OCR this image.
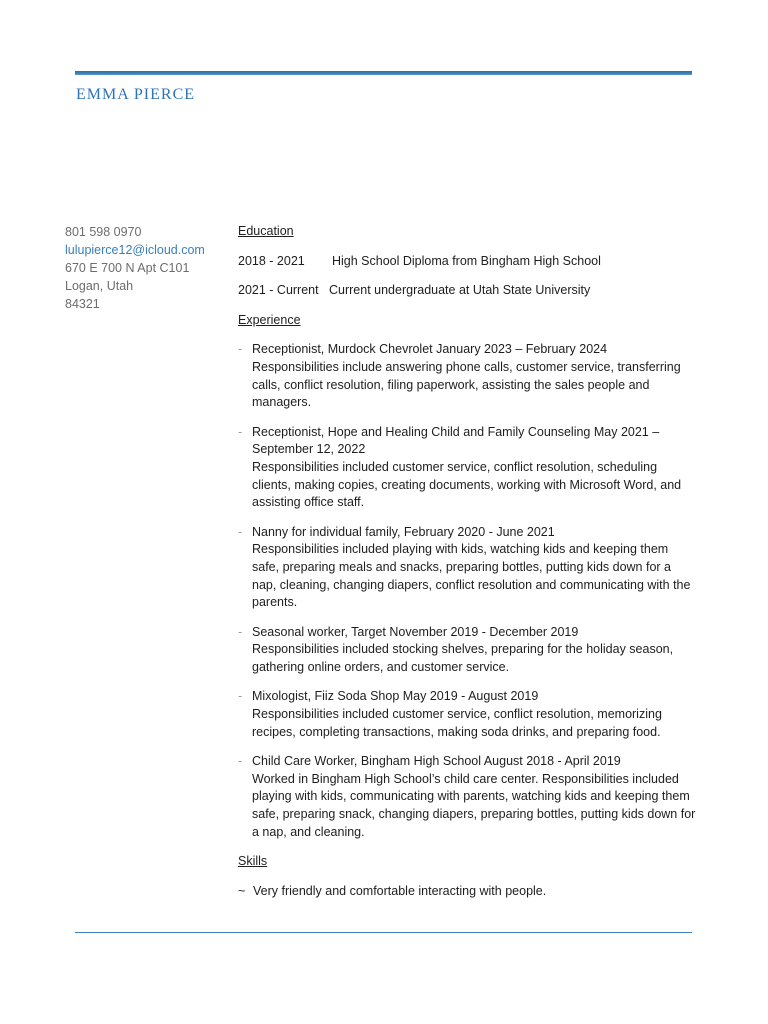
EMMA PIERCE
801 598 0970
lulupierce12@icloud.com
670 E 700 N Apt C101
Logan, Utah
84321
Education
2018 - 2021	High School Diploma from Bingham High School
2021 - Current Current undergraduate at Utah State University
Experience
- Receptionist, Murdock Chevrolet January 2023 – February 2024
Responsibilities include answering phone calls, customer service, transferring calls, conflict resolution, filing paperwork, assisting the sales people and managers.
- Receptionist, Hope and Healing Child and Family Counseling May 2021 – September 12, 2022
Responsibilities included customer service, conflict resolution, scheduling clients, making copies, creating documents, working with Microsoft Word, and assisting office staff.
- Nanny for individual family, February 2020 - June 2021
Responsibilities included playing with kids, watching kids and keeping them safe, preparing meals and snacks, preparing bottles, putting kids down for a nap, cleaning, changing diapers, conflict resolution and communicating with the parents.
- Seasonal worker, Target November 2019 - December 2019
Responsibilities included stocking shelves, preparing for the holiday season, gathering online orders, and customer service.
- Mixologist, Fiiz Soda Shop May 2019 - August 2019
Responsibilities included customer service, conflict resolution, memorizing recipes, completing transactions, making soda drinks, and preparing food.
- Child Care Worker, Bingham High School August 2018 - April 2019
Worked in Bingham High School’s child care center. Responsibilities included playing with kids, communicating with parents, watching kids and keeping them safe, preparing snack, changing diapers, preparing bottles, putting kids down for a nap, and cleaning.
Skills
~ Very friendly and comfortable interacting with people.
